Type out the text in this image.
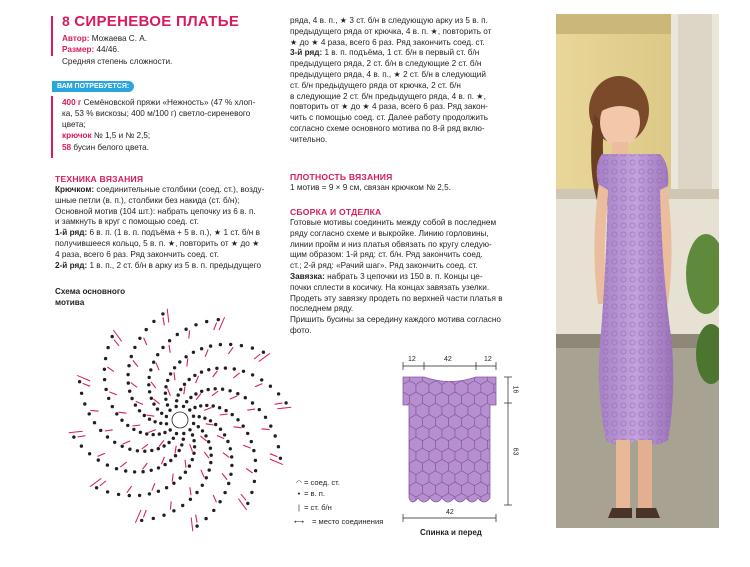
8 СИРЕНЕВОЕ ПЛАТЬЕ
Автор: Можаева С. А.
Размер: 44/46.
Средняя степень сложности.
ВАМ ПОТРЕБУЕТСЯ:
400 г Семёновской пряжи «Нежность» (47 % хлоп-
ка, 53 % вискозы; 400 м/100 г) светло-сиреневого
цвета;
крючок № 1,5 и № 2,5;
58 бусин белого цвета.
ТЕХНИКА ВЯЗАНИЯ

Крючком: соединительные столбики (соед. ст.), возду-

шные петли (в. п.), столбики без накида (ст. б/н);

Основной мотив (104 шт.): набрать цепочку из 6 в. п.

и замкнуть в круг с помощью соед. ст.

1-й ряд: 6 в. п. (1 в. п. подъёма + 5 в. п.), ★ 1 ст. б/н в

получившееся кольцо, 5 в. п. ★, повторить от ★ до ★

4 раза, всего 6 раз. Ряд закончить соед. ст.

2-й ряд: 1 в. п., 2 ст. б/н в арку из 5 в. п. предыдущего

Схема основного
мотива

ряда, 4 в. п., ★ 3 ст. б/н в следующую арку из 5 в. п.

предыдущего ряда от крючка, 4 в. п. ★, повторить от

★ до ★ 4 раза, всего 6 раз. Ряд закончить соед. ст.

3-й ряд: 1 в. п. подъёма, 1 ст. б/н в первый ст. б/н

предыдущего ряда, 2 ст. б/н в следующие 2 ст. б/н

предыдущего ряда, 4 в. п., ★ 2 ст. б/н в следующий

ст. б/н предыдущего ряда от крючка, 2 ст. б/н

в следующие 2 ст. б/н предыдущего ряда, 4 в. п. ★,

повторить от ★ до ★ 4 раза, всего 6 раз. Ряд закон-

чить с помощью соед. ст. Далее работу продолжить

согласно схеме основного мотива по 8-й ряд вклю-

чительно.

ПЛОТНОСТЬ ВЯЗАНИЯ
1 мотив = 9 × 9 см, связан крючком № 2,5.
СБОРКА И ОТДЕЛКА

Готовые мотивы соединить между собой в последнем

ряду согласно схеме и выкройке. Линию горловины,

линии пройм и низ платья обвязать по кругу следую-

щим образом: 1-й ряд: ст. б/н. Ряд закончить соед.

ст.; 2-й ряд: «Рачий шаг». Ряд закончить соед. ст.

Завязка: набрать 3 цепочки из 150 в. п. Концы це-

почки сплести в косичку. На концах завязать узелки.

Продеть эту завязку продеть по верхней части платья в

последнем ряду.

Пришить бусины за середину каждого мотива согласно

фото.

12	42	12
16
63
42
Спинка и перед
◠ = соед. ст.
• = в. п.
| = ст. б/н
⟷ = место соединения
